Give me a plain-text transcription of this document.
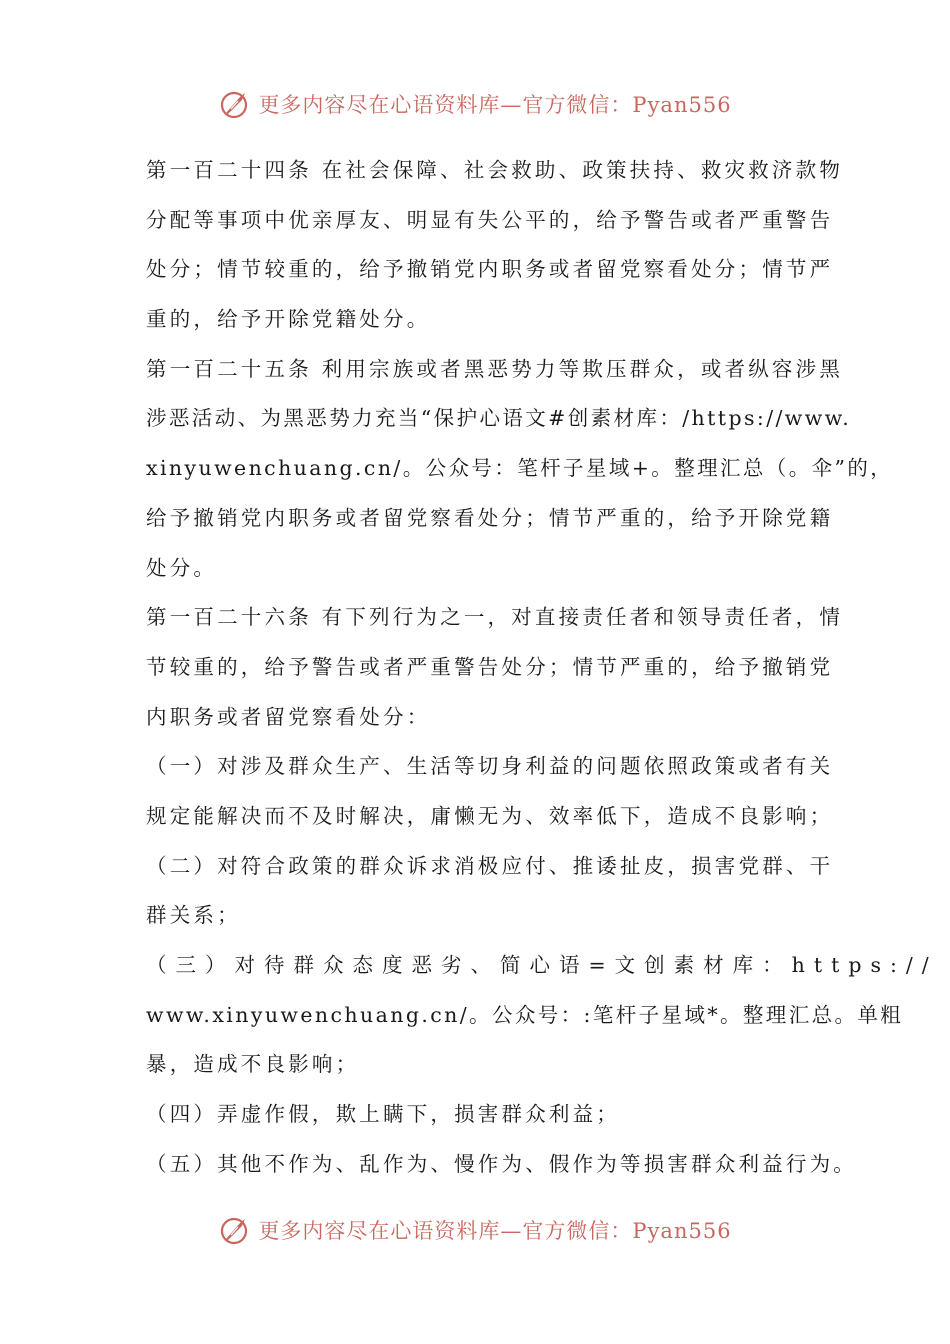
更多内容尽在心语资料库—官方微信：Pyan556
第一百二十四条 在社会保障、社会救助、政策扶持、救灾救济款物
分配等事项中优亲厚友、明显有失公平的，给予警告或者严重警告
处分；情节较重的，给予撤销党内职务或者留党察看处分；情节严
重的，给予开除党籍处分。
第一百二十五条 利用宗族或者黑恶势力等欺压群众，或者纵容涉黑
涉恶活动、为黑恶势力充当“保护心语文#创素材库：/https://www.
xinyuwenchuang.cn/。公众号：笔杆子星域+。整理汇总（。伞”的，
给予撤销党内职务或者留党察看处分；情节严重的，给予开除党籍
处分。
第一百二十六条 有下列行为之一，对直接责任者和领导责任者，情
节较重的，给予警告或者严重警告处分；情节严重的，给予撤销党
内职务或者留党察看处分：
（一）对涉及群众生产、生活等切身利益的问题依照政策或者有关
规定能解决而不及时解决，庸懒无为、效率低下，造成不良影响；
（二）对符合政策的群众诉求消极应付、推诿扯皮，损害党群、干
群关系；
（三）对待群众态度恶劣、简心语=文创素材库：https://
www.xinyuwenchuang.cn/。公众号：:笔杆子星域*。整理汇总。单粗
暴，造成不良影响；
（四）弄虚作假，欺上瞒下，损害群众利益；
（五）其他不作为、乱作为、慢作为、假作为等损害群众利益行为。
更多内容尽在心语资料库—官方微信：Pyan556
